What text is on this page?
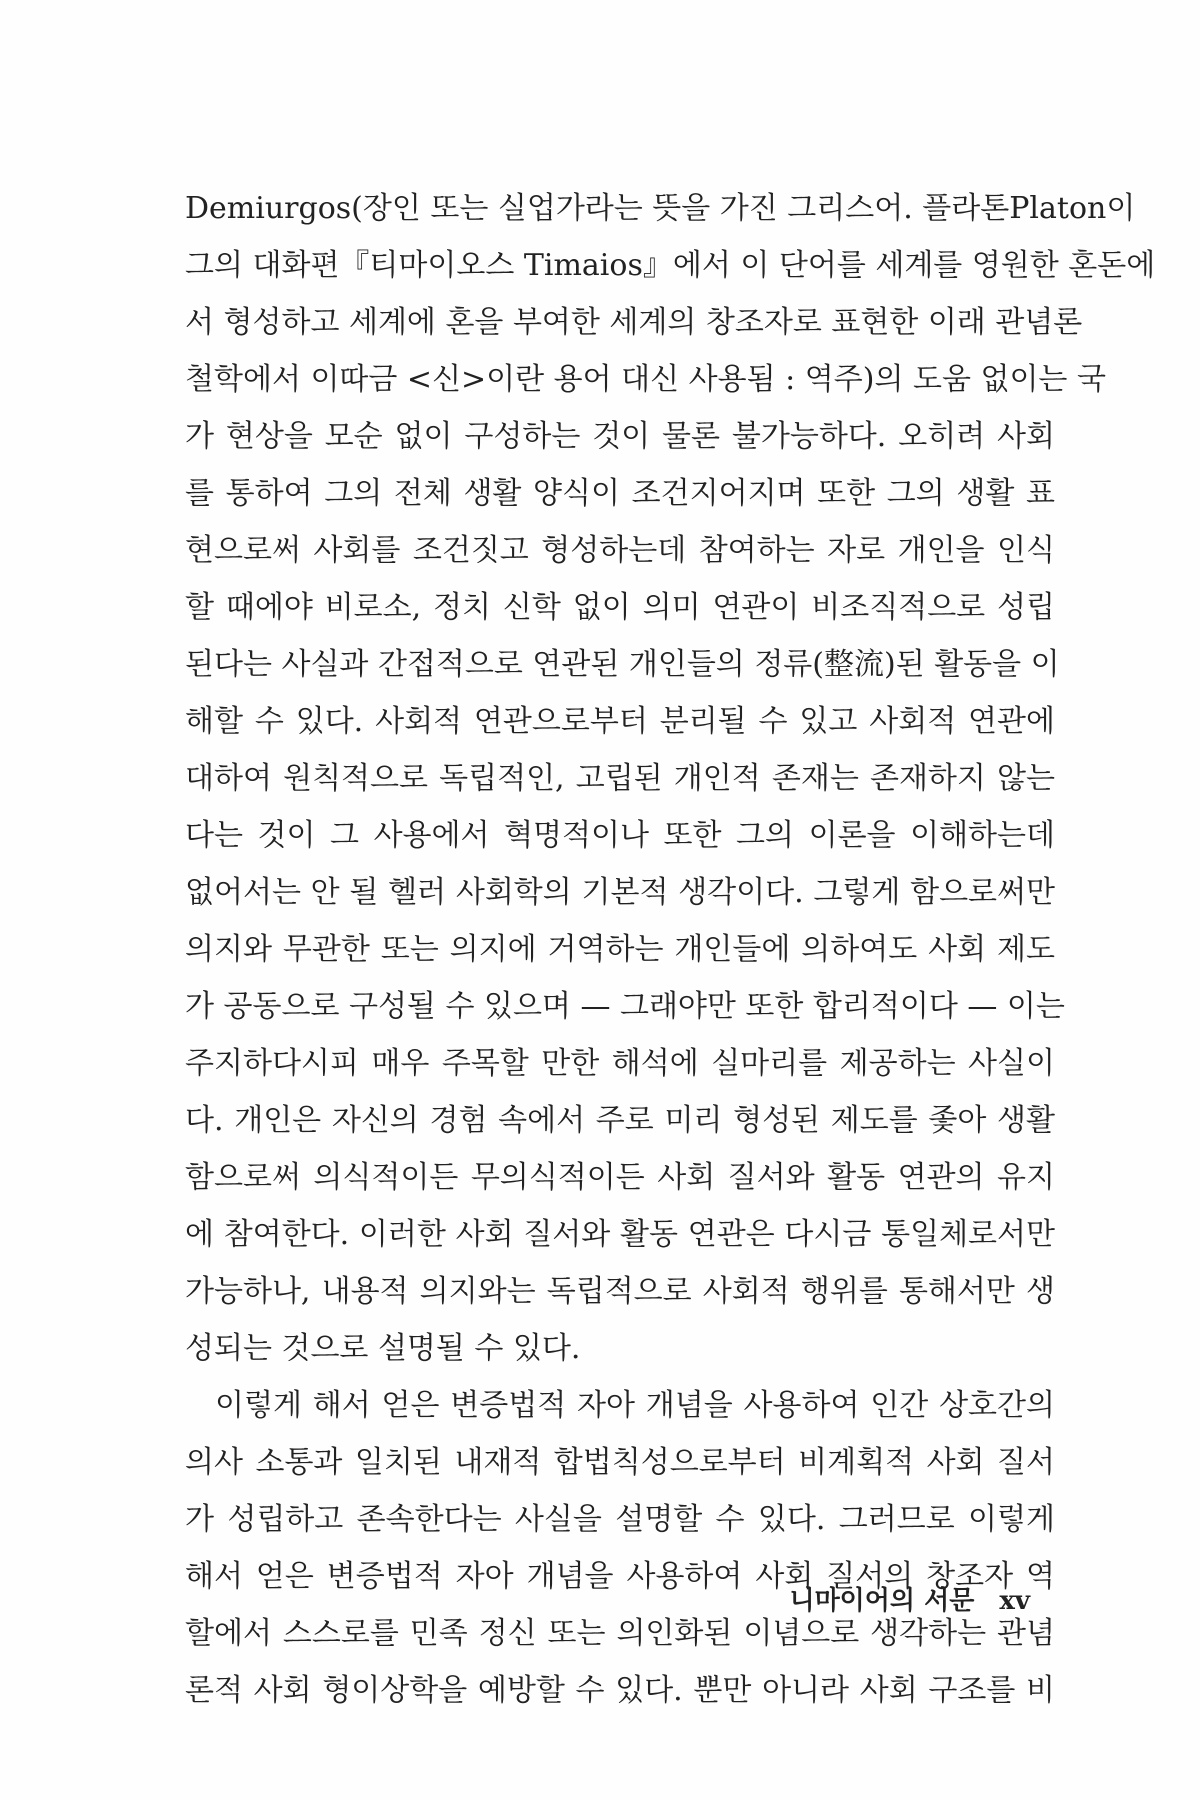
Demiurgos(장인 또는 실업가라는 뜻을 가진 그리스어. 플라톤Platon이
그의 대화편『티마이오스 Timaios』에서 이 단어를 세계를 영원한 혼돈에
서 형성하고 세계에 혼을 부여한 세계의 창조자로 표현한 이래 관념론
철학에서 이따금 <신>이란 용어 대신 사용됨 : 역주)의 도움 없이는 국
가 현상을 모순 없이 구성하는 것이 물론 불가능하다. 오히려 사회
를 통하여 그의 전체 생활 양식이 조건지어지며 또한 그의 생활 표
현으로써 사회를 조건짓고 형성하는데 참여하는 자로 개인을 인식
할 때에야 비로소, 정치 신학 없이 의미 연관이 비조직적으로 성립
된다는 사실과 간접적으로 연관된 개인들의 정류(整流)된 활동을 이
해할 수 있다. 사회적 연관으로부터 분리될 수 있고 사회적 연관에
대하여 원칙적으로 독립적인, 고립된 개인적 존재는 존재하지 않는
다는 것이 그 사용에서 혁명적이나 또한 그의 이론을 이해하는데
없어서는 안 될 헬러 사회학의 기본적 생각이다. 그렇게 함으로써만
의지와 무관한 또는 의지에 거역하는 개인들에 의하여도 사회 제도
가 공동으로 구성될 수 있으며 — 그래야만 또한 합리적이다 — 이는
주지하다시피 매우 주목할 만한 해석에 실마리를 제공하는 사실이
다. 개인은 자신의 경험 속에서 주로 미리 형성된 제도를 좇아 생활
함으로써 의식적이든 무의식적이든 사회 질서와 활동 연관의 유지
에 참여한다. 이러한 사회 질서와 활동 연관은 다시금 통일체로서만
가능하나, 내용적 의지와는 독립적으로 사회적 행위를 통해서만 생
성되는 것으로 설명될 수 있다.
이렇게 해서 얻은 변증법적 자아 개념을 사용하여 인간 상호간의
의사 소통과 일치된 내재적 합법칙성으로부터 비계획적 사회 질서
가 성립하고 존속한다는 사실을 설명할 수 있다. 그러므로 이렇게
해서 얻은 변증법적 자아 개념을 사용하여 사회 질서의 창조자 역
할에서 스스로를 민족 정신 또는 의인화된 이념으로 생각하는 관념
론적 사회 형이상학을 예방할 수 있다. 뿐만 아니라 사회 구조를 비
니마이어의 서문 xv
